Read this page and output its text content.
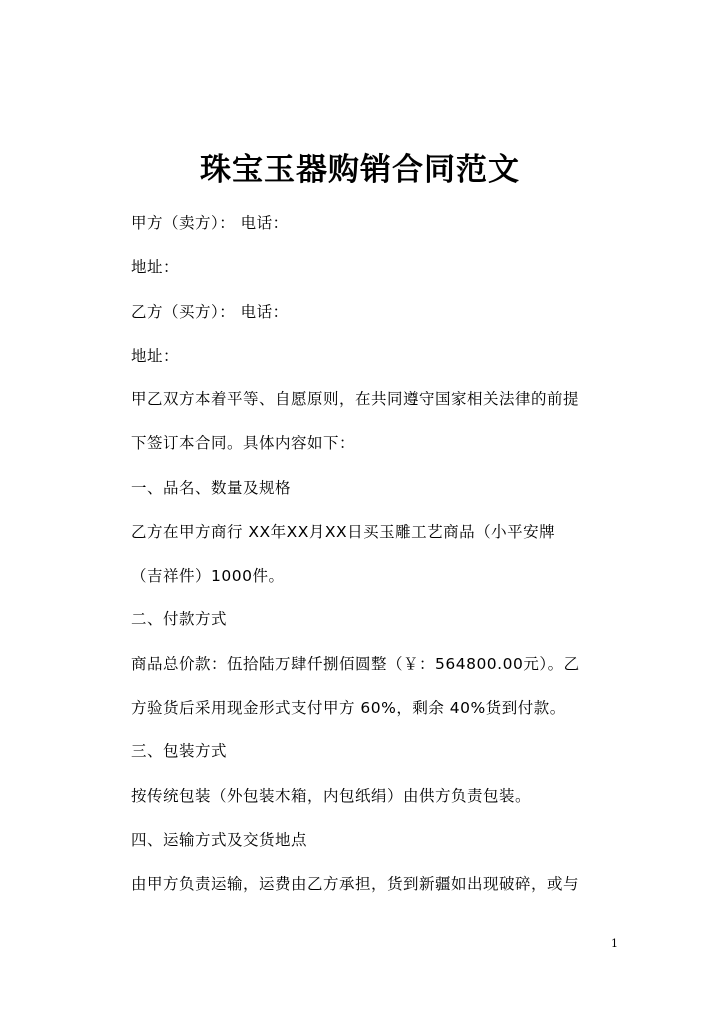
珠宝玉器购销合同范文
甲方（卖方）： 电话：
地址：
乙方（买方）： 电话：
地址：
甲乙双方本着平等、自愿原则，在共同遵守国家相关法律的前提
下签订本合同。具体内容如下：
一、品名、数量及规格
乙方在甲方商行 XX年XX月XX日买玉雕工艺商品（小平安牌
（吉祥件）1000件。
二、付款方式
商品总价款：伍拾陆万肆仟捌佰圆整（￥：564800.00元）。乙
方验货后采用现金形式支付甲方 60%，剩余 40%货到付款。
三、包装方式
按传统包装（外包装木箱，内包纸绢）由供方负责包装。
四、运输方式及交货地点
由甲方负责运输，运费由乙方承担，货到新疆如出现破碎，或与
1
